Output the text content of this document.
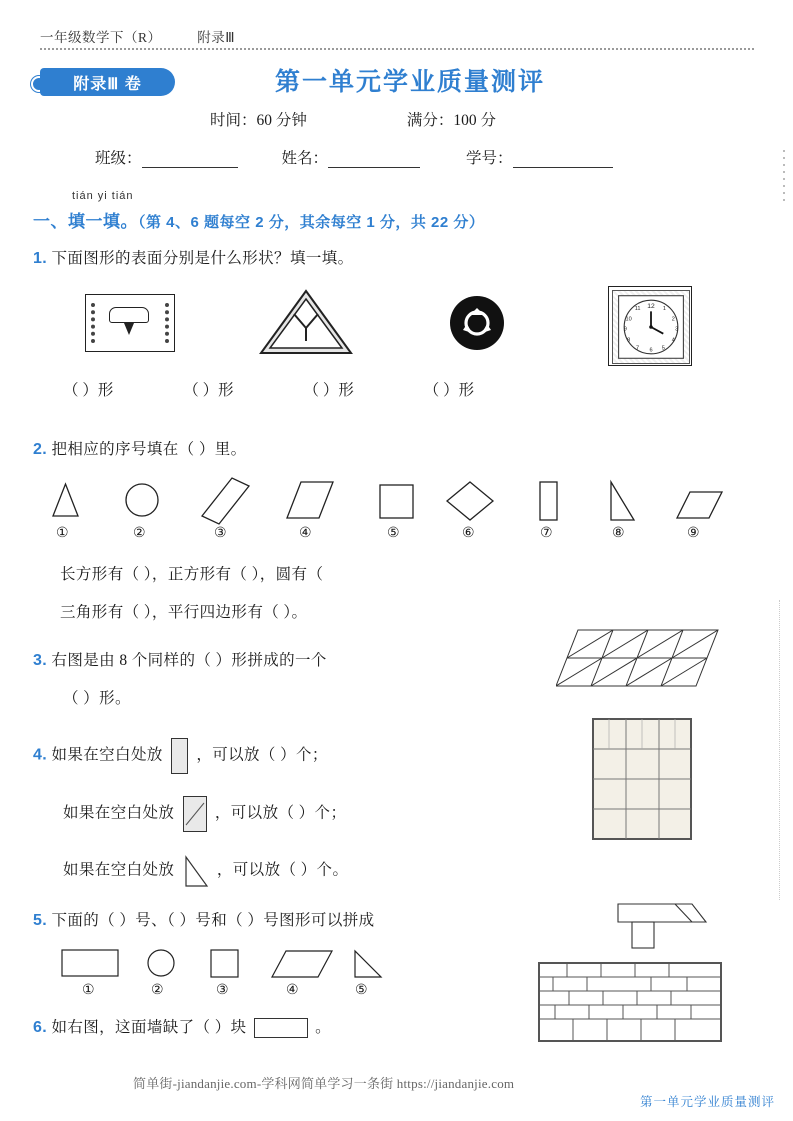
一年级数学下（R）	附录Ⅲ
附录Ⅲ 卷	第一单元学业质量测评
时间：60 分钟	满分：100 分
班级：	姓名：	学号：
tián yi tián
一、填一填。（第 4、6 题每空 2 分，其余每空 1 分，共 22 分）
1. 下面图形的表面分别是什么形状？填一填。
12
11	1
10	2
9	3
8	4
7 6 5
（ ）形	（ ）形	（ ）形	（ ）形
2. 把相应的序号填在（ ）里。
①	②	③	④	⑤	⑥	⑦	⑧	⑨
长方形有（ ），正方形有（ ），圆有（
三角形有（ ），平行四边形有（ ）。
3. 右图是由 8 个同样的（ ）形拼成的一个
（ ）形。
4. 如果在空白处放 ，可以放（ ）个；
如果在空白处放	，可以放（ ）个；
如果在空白处放	，可以放（ ）个。
5. 下面的（ ）号、（ ）号和（ ）号图形可以拼成
①	②	③	④	⑤
6. 如右图，这面墙缺了（ ）块	。
简单街-jiandanjie.com-学科网简单学习一条街 https://jiandanjie.com
第一单元学业质量测评
